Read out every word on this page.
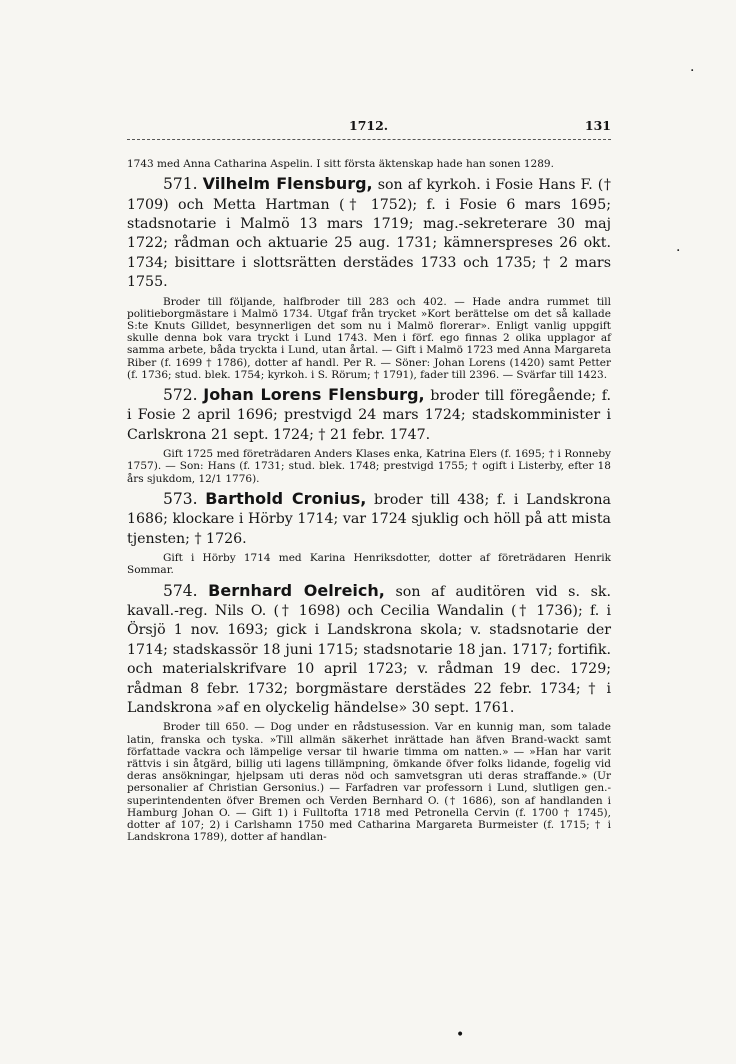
1712.	131

1743 med Anna Catharina Aspelin. I sitt första äktenskap hade han sonen 1289.

571. Vilhelm Flensburg, son af kyrkoh. i Fosie Hans F. († 1709) och Metta Hartman († 1752); f. i Fosie 6 mars 1695; stadsnotarie i Malmö 13 mars 1719; mag.-sekreterare 30 maj 1722; rådman och aktuarie 25 aug. 1731; kämnerspreses 26 okt. 1734; bisittare i slottsrätten derstädes 1733 och 1735; † 2 mars 1755.

Broder till följande, halfbroder till 283 och 402. — Hade andra rummet till politieborgmästare i Malmö 1734. Utgaf från trycket »Kort berättelse om det så kallade S:te Knuts Gilldet, besynnerligen det som nu i Malmö florerar». Enligt vanlig uppgift skulle denna bok vara tryckt i Lund 1743. Men i förf. ego finnas 2 olika upplagor af samma arbete, båda tryckta i Lund, utan årtal. — Gift i Malmö 1723 med Anna Margareta Riber (f. 1699 † 1786), dotter af handl. Per R. — Söner: Johan Lorens (1420) samt Petter (f. 1736; stud. blek. 1754; kyrkoh. i S. Rörum; † 1791), fader till 2396. — Svärfar till 1423.

572. Johan Lorens Flensburg, broder till föregående; f. i Fosie 2 april 1696; prestvigd 24 mars 1724; stadskomminister i Carlskrona 21 sept. 1724; † 21 febr. 1747.

Gift 1725 med företrädaren Anders Klases enka, Katrina Elers (f. 1695; † i Ronneby 1757). — Son: Hans (f. 1731; stud. blek. 1748; prestvigd 1755; † ogift i Listerby, efter 18 års sjukdom, 12/1 1776).

573. Barthold Cronius, broder till 438; f. i Landskrona 1686; klockare i Hörby 1714; var 1724 sjuklig och höll på att mista tjensten; † 1726.

Gift i Hörby 1714 med Karina Henriksdotter, dotter af företrädaren Henrik Sommar.

574. Bernhard Oelreich, son af auditören vid s. sk. kavall.-reg. Nils O. († 1698) och Cecilia Wandalin († 1736); f. i Örsjö 1 nov. 1693; gick i Landskrona skola; v. stadsnotarie der 1714; stadskassör 18 juni 1715; stadsnotarie 18 jan. 1717; fortifik. och materialskrifvare 10 april 1723; v. rådman 19 dec. 1729; rådman 8 febr. 1732; borgmästare derstädes 22 febr. 1734; † i Landskrona »af en olyckelig händelse» 30 sept. 1761.

Broder till 650. — Dog under en rådstusession. Var en kunnig man, som talade latin, franska och tyska. »Till allmän säkerhet inrättade han äfven Brand-wackt samt författade vackra och lämpelige versar til hwarie timma om natten.» — »Han har varit rättvis i sin åtgärd, billig uti lagens tillämpning, ömkande öfver folks lidande, fogelig vid deras ansökningar, hjelpsam uti deras nöd och samvetsgran uti deras straffande.» (Ur personalier af Christian Gersonius.) — Farfadren var professorn i Lund, slutligen gen.-superintendenten öfver Bremen och Verden Bernhard O. († 1686), son af handlanden i Hamburg Johan O. — Gift 1) i Fulltofta 1718 med Petronella Cervin (f. 1700 † 1745), dotter af 107; 2) i Carlshamn 1750 med Catharina Margareta Burmeister (f. 1715; † i Landskrona 1789), dotter af handlan-

·
·
•
